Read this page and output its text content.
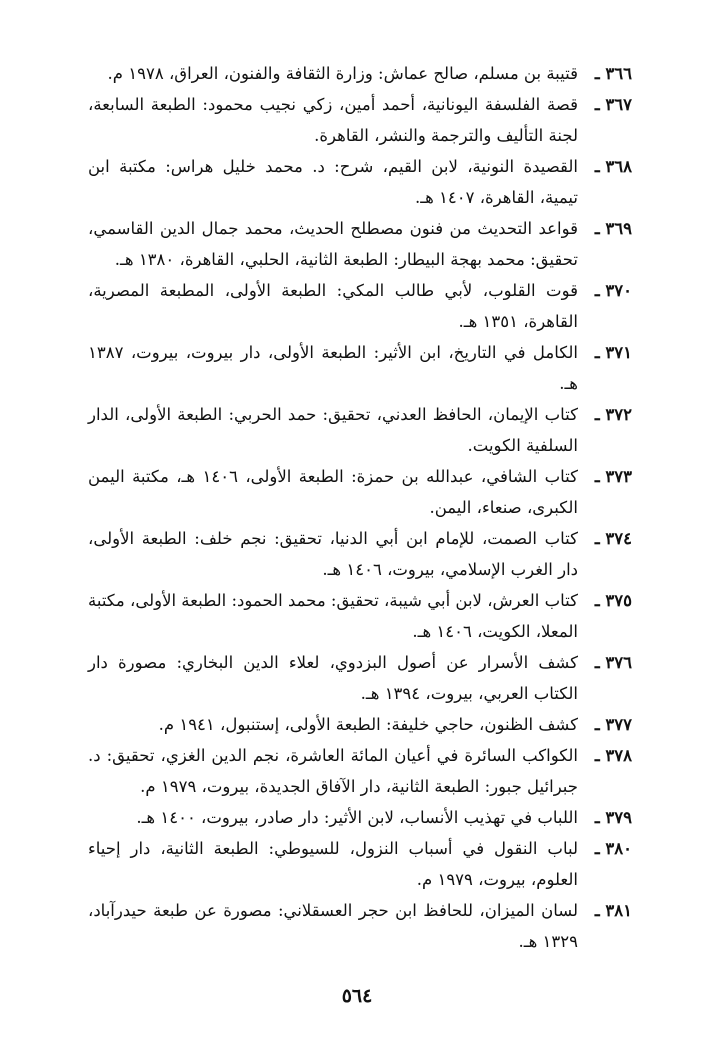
٣٦٦ ـ
قتيبة بن مسلم، صالح عماش: وزارة الثقافة والفنون، العراق، ١٩٧٨ م.
٣٦٧ ـ
قصة الفلسفة اليونانية، أحمد أمين، زكي نجيب محمود: الطبعة السابعة، لجنة التأليف والترجمة والنشر، القاهرة.
٣٦٨ ـ
القصيدة النونية، لابن القيم، شرح: د. محمد خليل هراس: مكتبة ابن تيمية، القاهرة، ١٤٠٧ هـ.
٣٦٩ ـ
قواعد التحديث من فنون مصطلح الحديث، محمد جمال الدين القاسمي، تحقيق: محمد بهجة البيطار: الطبعة الثانية، الحلبي، القاهرة، ١٣٨٠ هـ.
٣٧٠ ـ
قوت القلوب، لأبي طالب المكي: الطبعة الأولى، المطبعة المصرية، القاهرة، ١٣٥١ هـ.
٣٧١ ـ
الكامل في التاريخ، ابن الأثير: الطبعة الأولى، دار بيروت، بيروت، ١٣٨٧ هـ.
٣٧٢ ـ
كتاب الإيمان، الحافظ العدني، تحقيق: حمد الحربي: الطبعة الأولى، الدار السلفية الكويت.
٣٧٣ ـ
كتاب الشافي، عبدالله بن حمزة: الطبعة الأولى، ١٤٠٦ هـ، مكتبة اليمن الكبرى، صنعاء، اليمن.
٣٧٤ ـ
كتاب الصمت، للإمام ابن أبي الدنيا، تحقيق: نجم خلف: الطبعة الأولى، دار الغرب الإسلامي، بيروت، ١٤٠٦ هـ.
٣٧٥ ـ
كتاب العرش، لابن أبي شيبة، تحقيق: محمد الحمود: الطبعة الأولى، مكتبة المعلا، الكويت، ١٤٠٦ هـ.
٣٧٦ ـ
كشف الأسرار عن أصول البزدوي، لعلاء الدين البخاري: مصورة دار الكتاب العربي، بيروت، ١٣٩٤ هـ.
٣٧٧ ـ
كشف الظنون، حاجي خليفة: الطبعة الأولى، إستنبول، ١٩٤١ م.
٣٧٨ ـ
الكواكب السائرة في أعيان المائة العاشرة، نجم الدين الغزي، تحقيق: د. جبرائيل جبور: الطبعة الثانية، دار الآفاق الجديدة، بيروت، ١٩٧٩ م.
٣٧٩ ـ
اللباب في تهذيب الأنساب، لابن الأثير: دار صادر، بيروت، ١٤٠٠ هـ.
٣٨٠ ـ
لباب النقول في أسباب النزول، للسيوطي: الطبعة الثانية، دار إحياء العلوم، بيروت، ١٩٧٩ م.
٣٨١ ـ
لسان الميزان، للحافظ ابن حجر العسقلاني: مصورة عن طبعة حيدرآباد، ١٣٢٩ هـ.
٥٦٤
